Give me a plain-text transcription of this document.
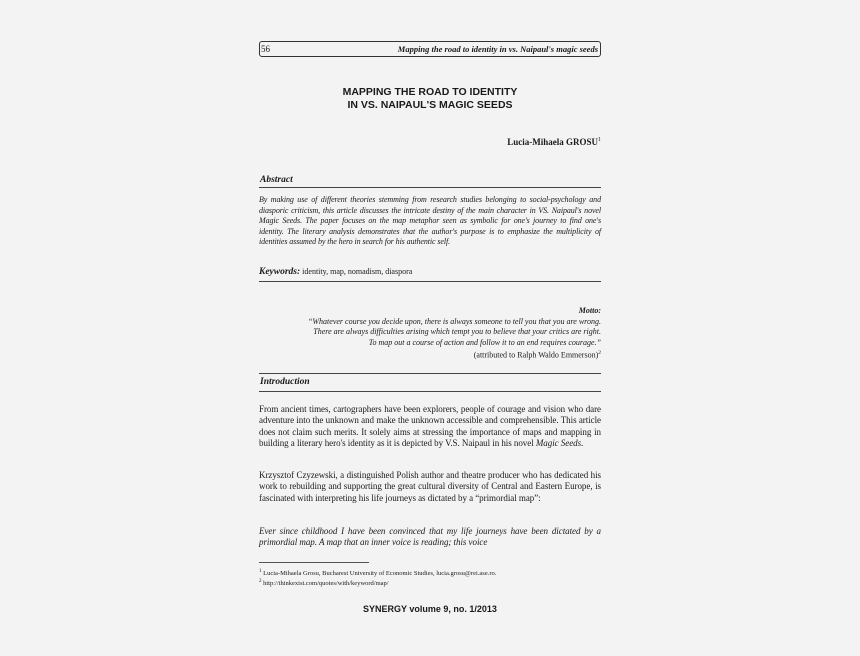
56	Mapping the road to identity in vs. Naipaul's magic seeds
MAPPING THE ROAD TO IDENTITY
IN VS. NAIPAUL'S MAGIC SEEDS
Lucia-Mihaela GROSU$^1$
Abstract
By making use of different theories stemming from research studies belonging to social-psychology and diasporic criticism, this article discusses the intricate destiny of the main character in VS. Naipaul's novel Magic Seeds. The paper focuses on the map metaphor seen as symbolic for one's journey to find one's identity. The literary analysis demonstrates that the author's purpose is to emphasize the multiplicity of identities assumed by the hero in search for his authentic self.
Keywords: identity, map, nomadism, diaspora
Motto:
“Whatever course you decide upon, there is always someone to tell you that you are wrong.
There are always difficulties arising which tempt you to believe that your critics are right.
To map out a course of action and follow it to an end requires courage.”
(attributed to Ralph Waldo Emmerson)$^2$
Introduction
From ancient times, cartographers have been explorers, people of courage and vision who dare adventure into the unknown and make the unknown accessible and comprehensible. This article does not claim such merits. It solely aims at stressing the importance of maps and mapping in building a literary hero's identity as it is depicted by V.S. Naipaul in his novel Magic Seeds.
Krzysztof Czyzewski, a distinguished Polish author and theatre producer who has dedicated his work to rebuilding and supporting the great cultural diversity of Central and Eastern Europe, is fascinated with interpreting his life journeys as dictated by a “primordial map”:
Ever since childhood I have been convinced that my life journeys have been dictated by a primordial map. A map that an inner voice is reading; this voice
$^1$ Lucia-Mihaela Grosu, Bucharest University of Economic Studies, lucia.grosu@rei.ase.ro.
$^2$ http://thinkexist.com/quotes/with/keyword/map/
SYNERGY volume 9, no. 1/2013
